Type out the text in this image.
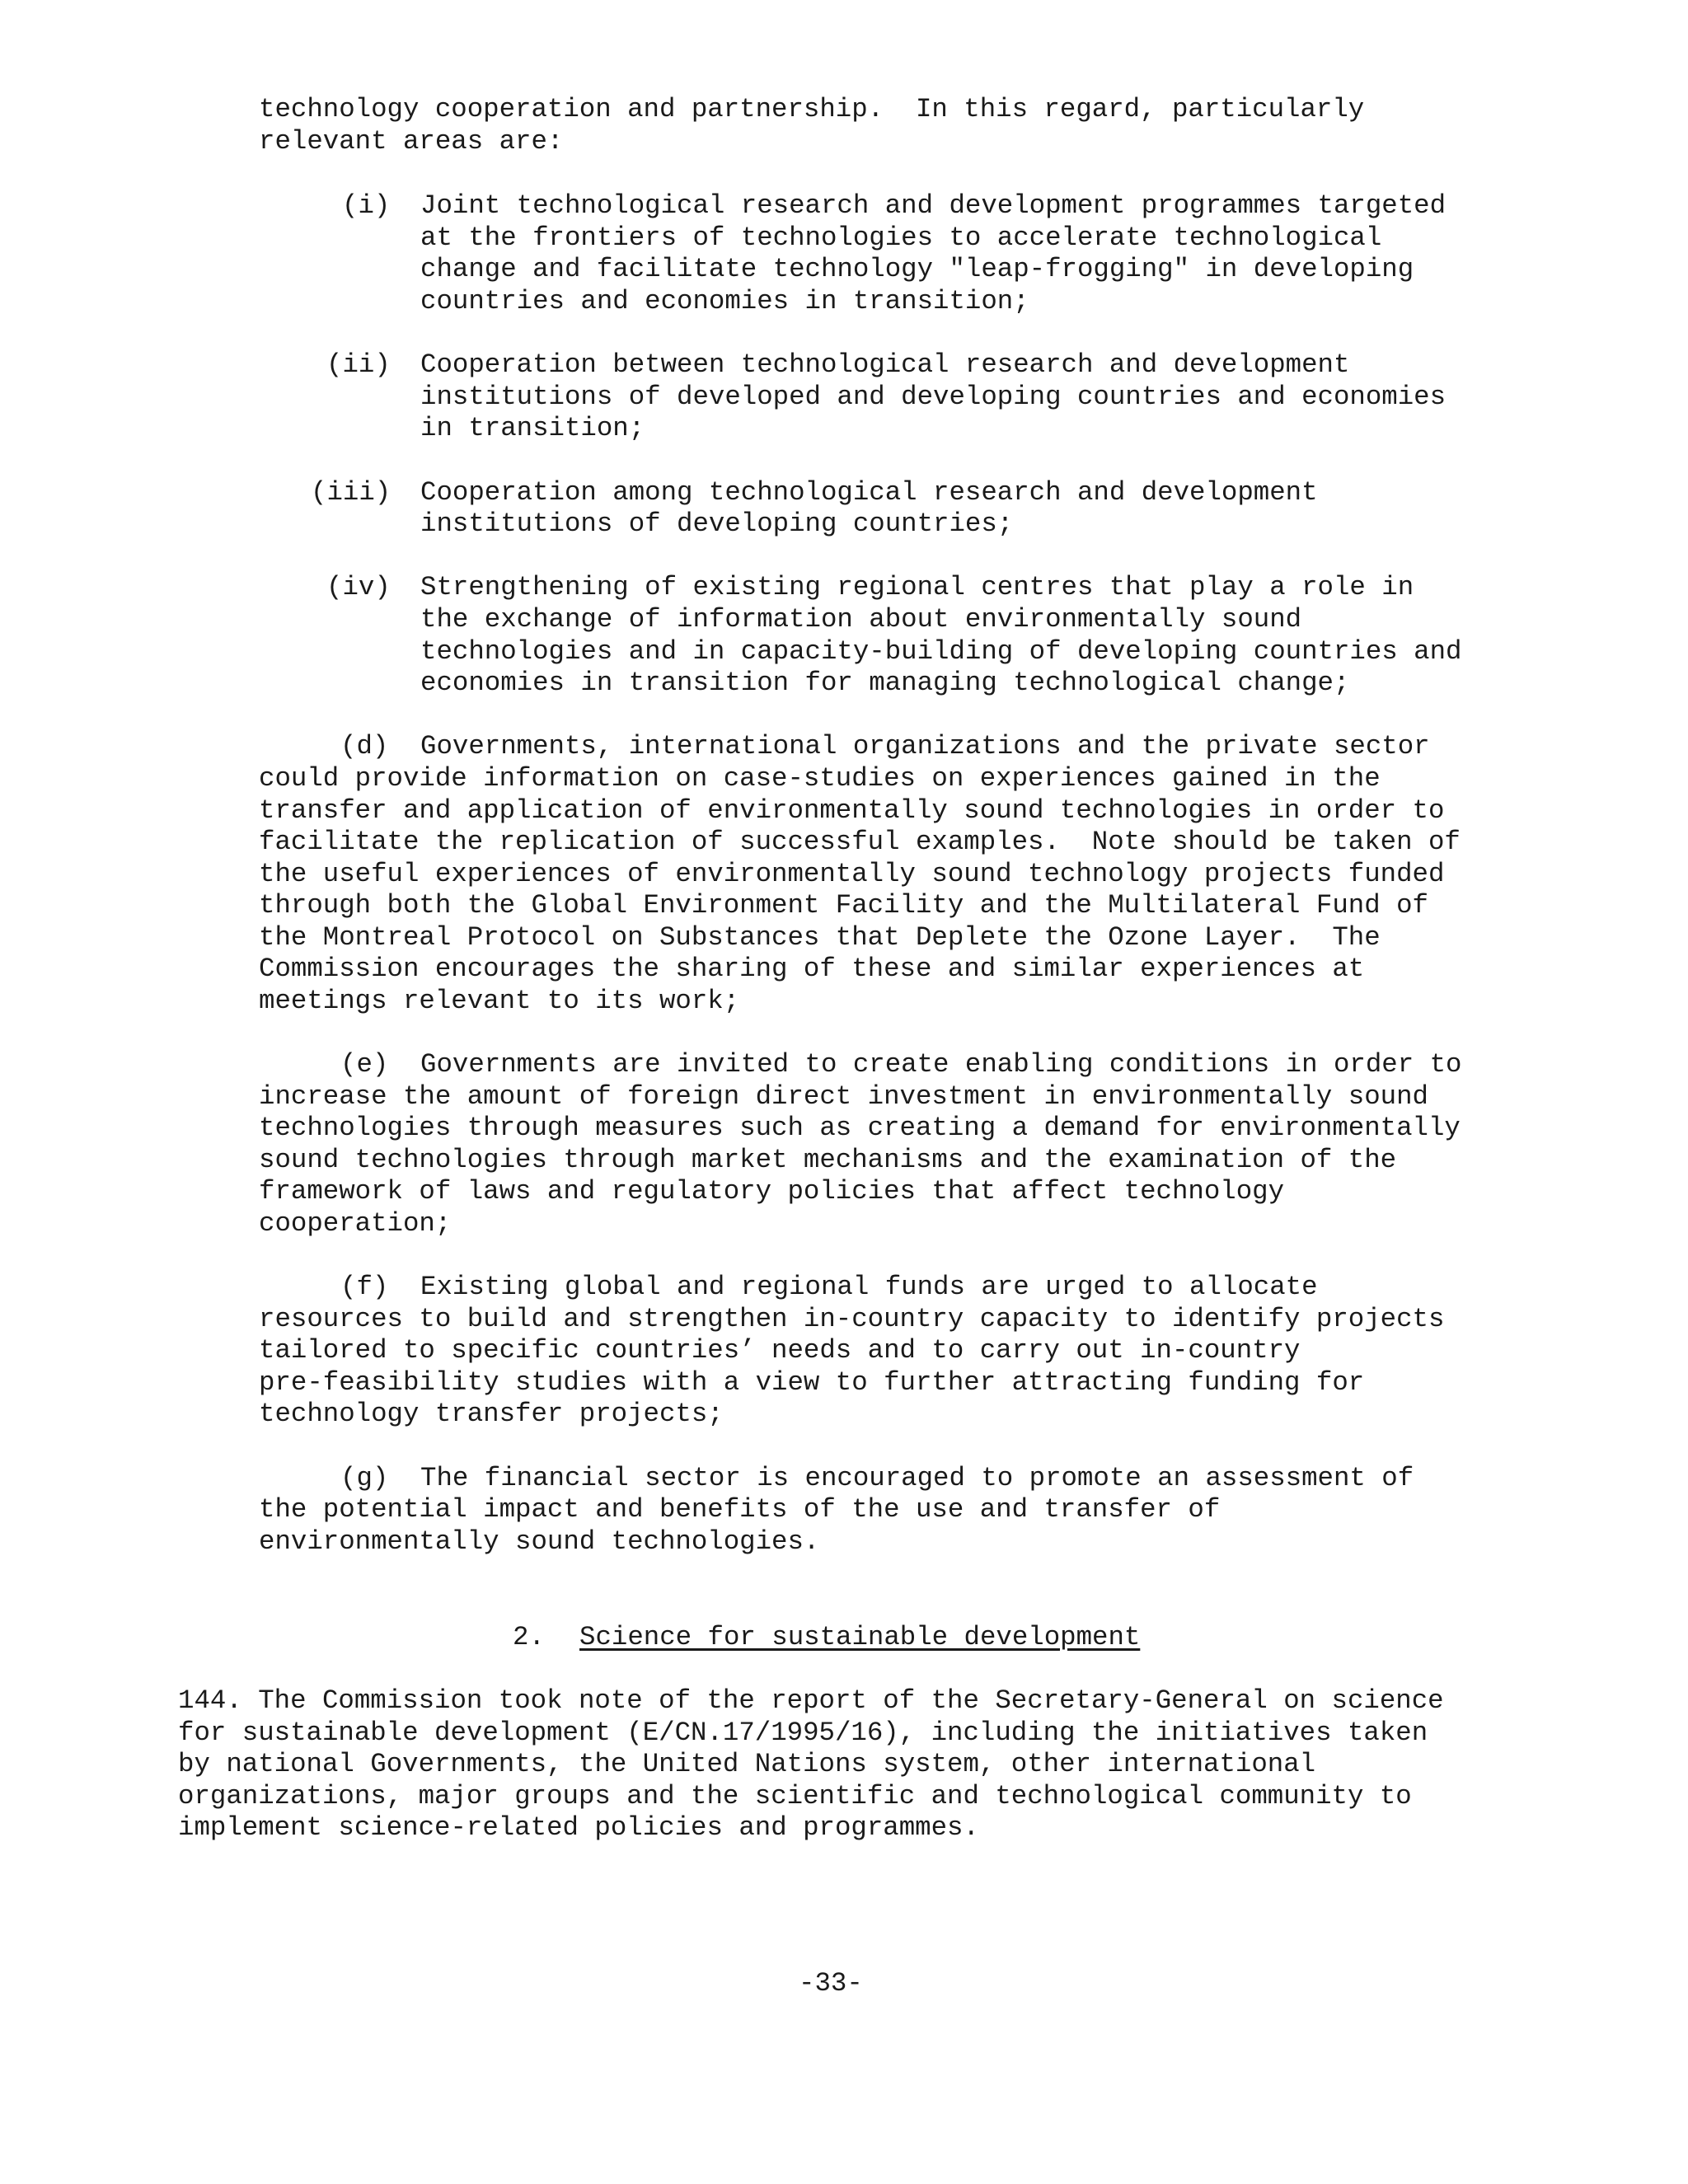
technology cooperation and partnership.  In this regard, particularly
relevant areas are:
(i) Joint technological research and development programmes targeted
at the frontiers of technologies to accelerate technological
change and facilitate technology "leap-frogging" in developing
countries and economies in transition;
(ii) Cooperation between technological research and development
institutions of developed and developing countries and economies
in transition;
(iii) Cooperation among technological research and development
institutions of developing countries;
(iv) Strengthening of existing regional centres that play a role in
the exchange of information about environmentally sound
technologies and in capacity-building of developing countries and
economies in transition for managing technological change;
(d) Governments, international organizations and the private sector
could provide information on case-studies on experiences gained in the
transfer and application of environmentally sound technologies in order to
facilitate the replication of successful examples.  Note should be taken of
the useful experiences of environmentally sound technology projects funded
through both the Global Environment Facility and the Multilateral Fund of
the Montreal Protocol on Substances that Deplete the Ozone Layer.  The
Commission encourages the sharing of these and similar experiences at
meetings relevant to its work;
(e) Governments are invited to create enabling conditions in order to
increase the amount of foreign direct investment in environmentally sound
technologies through measures such as creating a demand for environmentally
sound technologies through market mechanisms and the examination of the
framework of laws and regulatory policies that affect technology
cooperation;
(f) Existing global and regional funds are urged to allocate
resources to build and strengthen in-country capacity to identify projects
tailored to specific countries’ needs and to carry out in-country
pre-feasibility studies with a view to further attracting funding for
technology transfer projects;
(g) The financial sector is encouraged to promote an assessment of
the potential impact and benefits of the use and transfer of
environmentally sound technologies.
2. Science for sustainable development
144. The Commission took note of the report of the Secretary-General on science
for sustainable development (E/CN.17/1995/16), including the initiatives taken
by national Governments, the United Nations system, other international
organizations, major groups and the scientific and technological community to
implement science-related policies and programmes.
-33-
